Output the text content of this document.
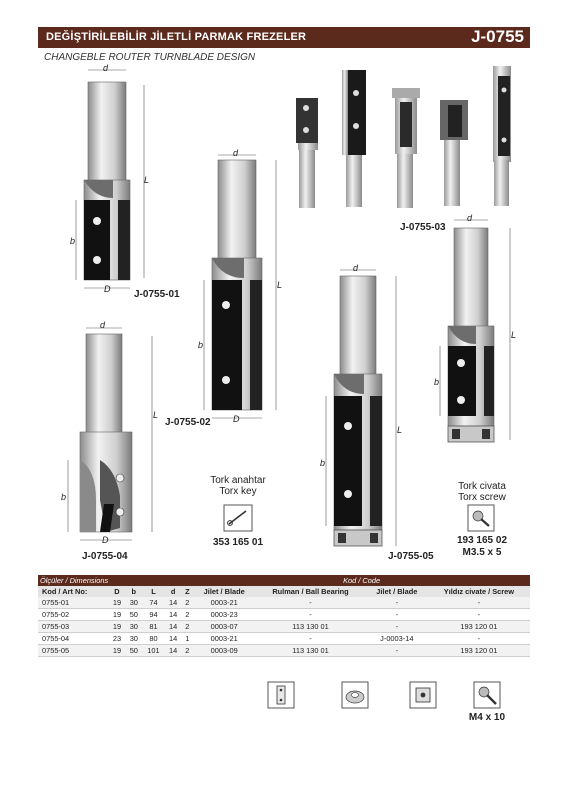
DEĞİŞTİRİLEBİLİR JİLETLİ PARMAK FREZELER	J-0755
CHANGEBLE ROUTER TURNBLADE DESIGN
d
L
b
D
d
L
b
D
d
L
b
d
L
b
D
d
L
b
J-0755-01
J-0755-02
J-0755-03
J-0755-04	J-0755-05
Tork anahtar
Torx key
353 165 01
Tork civata
Torx screw
193 165 02
M3.5 x 5
Ölçüler / Dimensions						Kod / Code			
Kod / Art No:	D	b	L	d	Z	Jilet / Blade	Rulman / Ball Bearing	Jilet / Blade	Yıldız civate / Screw
0755-01	19	30	74	14	2	0003-21	-	-	-
0755-02	19	50	94	14	2	0003-23	-	-	-
0755-03	19	30	81	14	2	0003-07	113 130 01	-	193 120 01
0755-04	23	30	80	14	1	0003-21	-	J-0003-14	-
0755-05	19	50	101	14	2	0003-09	113 130 01	-	193 120 01
M4 x 10
